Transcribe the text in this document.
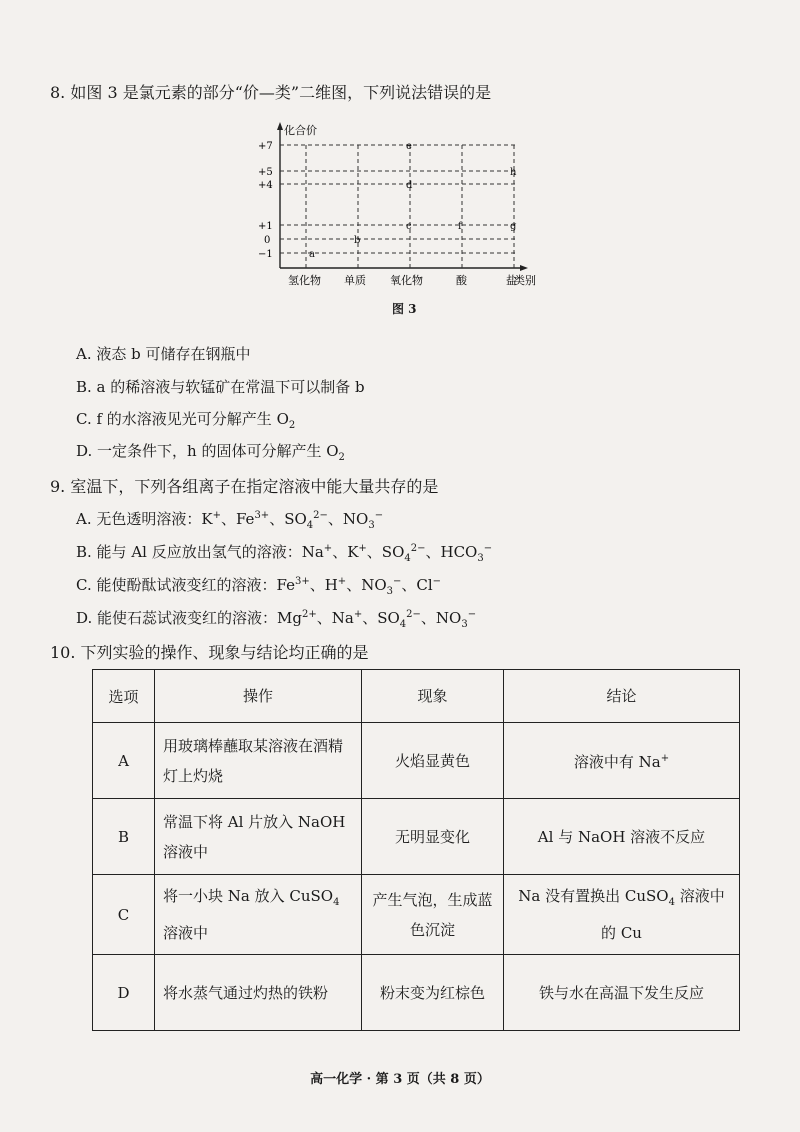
8. 如图 3 是氯元素的部分“价—类”二维图，下列说法错误的是
化合价
+7
+5
+4
+1
0
−1	a
b
c
d
e
f	g
h
氢化物 单质 氧化物	酸	盐
类别
图 3
A. 液态 b 可储存在钢瓶中
B. a 的稀溶液与软锰矿在常温下可以制备 b
C. f 的水溶液见光可分解产生 $O_2$
D. 一定条件下，h 的固体可分解产生 $O_2$
9. 室温下，下列各组离子在指定溶液中能大量共存的是
A. 无色透明溶液：K+、$Fe^{3+}$、$SO_4^{2-}$、$NO_3^-$
B. 能与 Al 反应放出氢气的溶液：Na+、K+、$SO_4^{2-}$、$HCO_3^-$
C. 能使酚酞试液变红的溶液：$Fe^{3+}$、H+、$NO_3^-$、Cl−
D. 能使石蕊试液变红的溶液：$Mg^{2+}$、Na+、$SO_4^{2-}$、$NO_3^-$
10. 下列实验的操作、现象与结论均正确的是
选项	操作	现象	结论
A	用玻璃棒蘸取某溶液在酒精灯上灼烧	火焰显黄色	溶液中有 Na+
B	常温下将 Al 片放入 NaOH 溶液中	无明显变化	Al 与 NaOH 溶液不反应
C	将一小块 Na 放入 CuSO$_4$ 溶液中	产生气泡，生成蓝色沉淀	Na 没有置换出 CuSO$_4$ 溶液中的 Cu
D	将水蒸气通过灼热的铁粉	粉末变为红棕色	铁与水在高温下发生反应
高一化学 · 第 3 页（共 8 页）
